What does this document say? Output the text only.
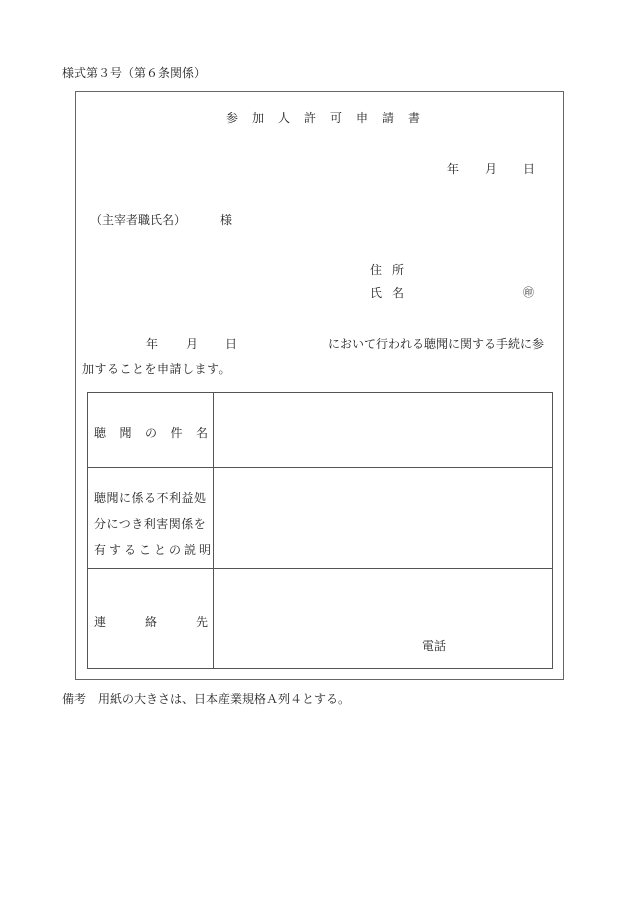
様式第３号（第６条関係）
参加人許可申請書
年 月 日
（主宰者職氏名）	様
住所
氏名	㊞
年 月 日	において行われる聴聞に関する手続に参
加することを申請します。
聴 聞 の 件 名
聴聞に係る不利益処
分につき利害関係を
有することの説明
連	絡	先
電話
備考　用紙の大きさは、日本産業規格Ａ列４とする。
